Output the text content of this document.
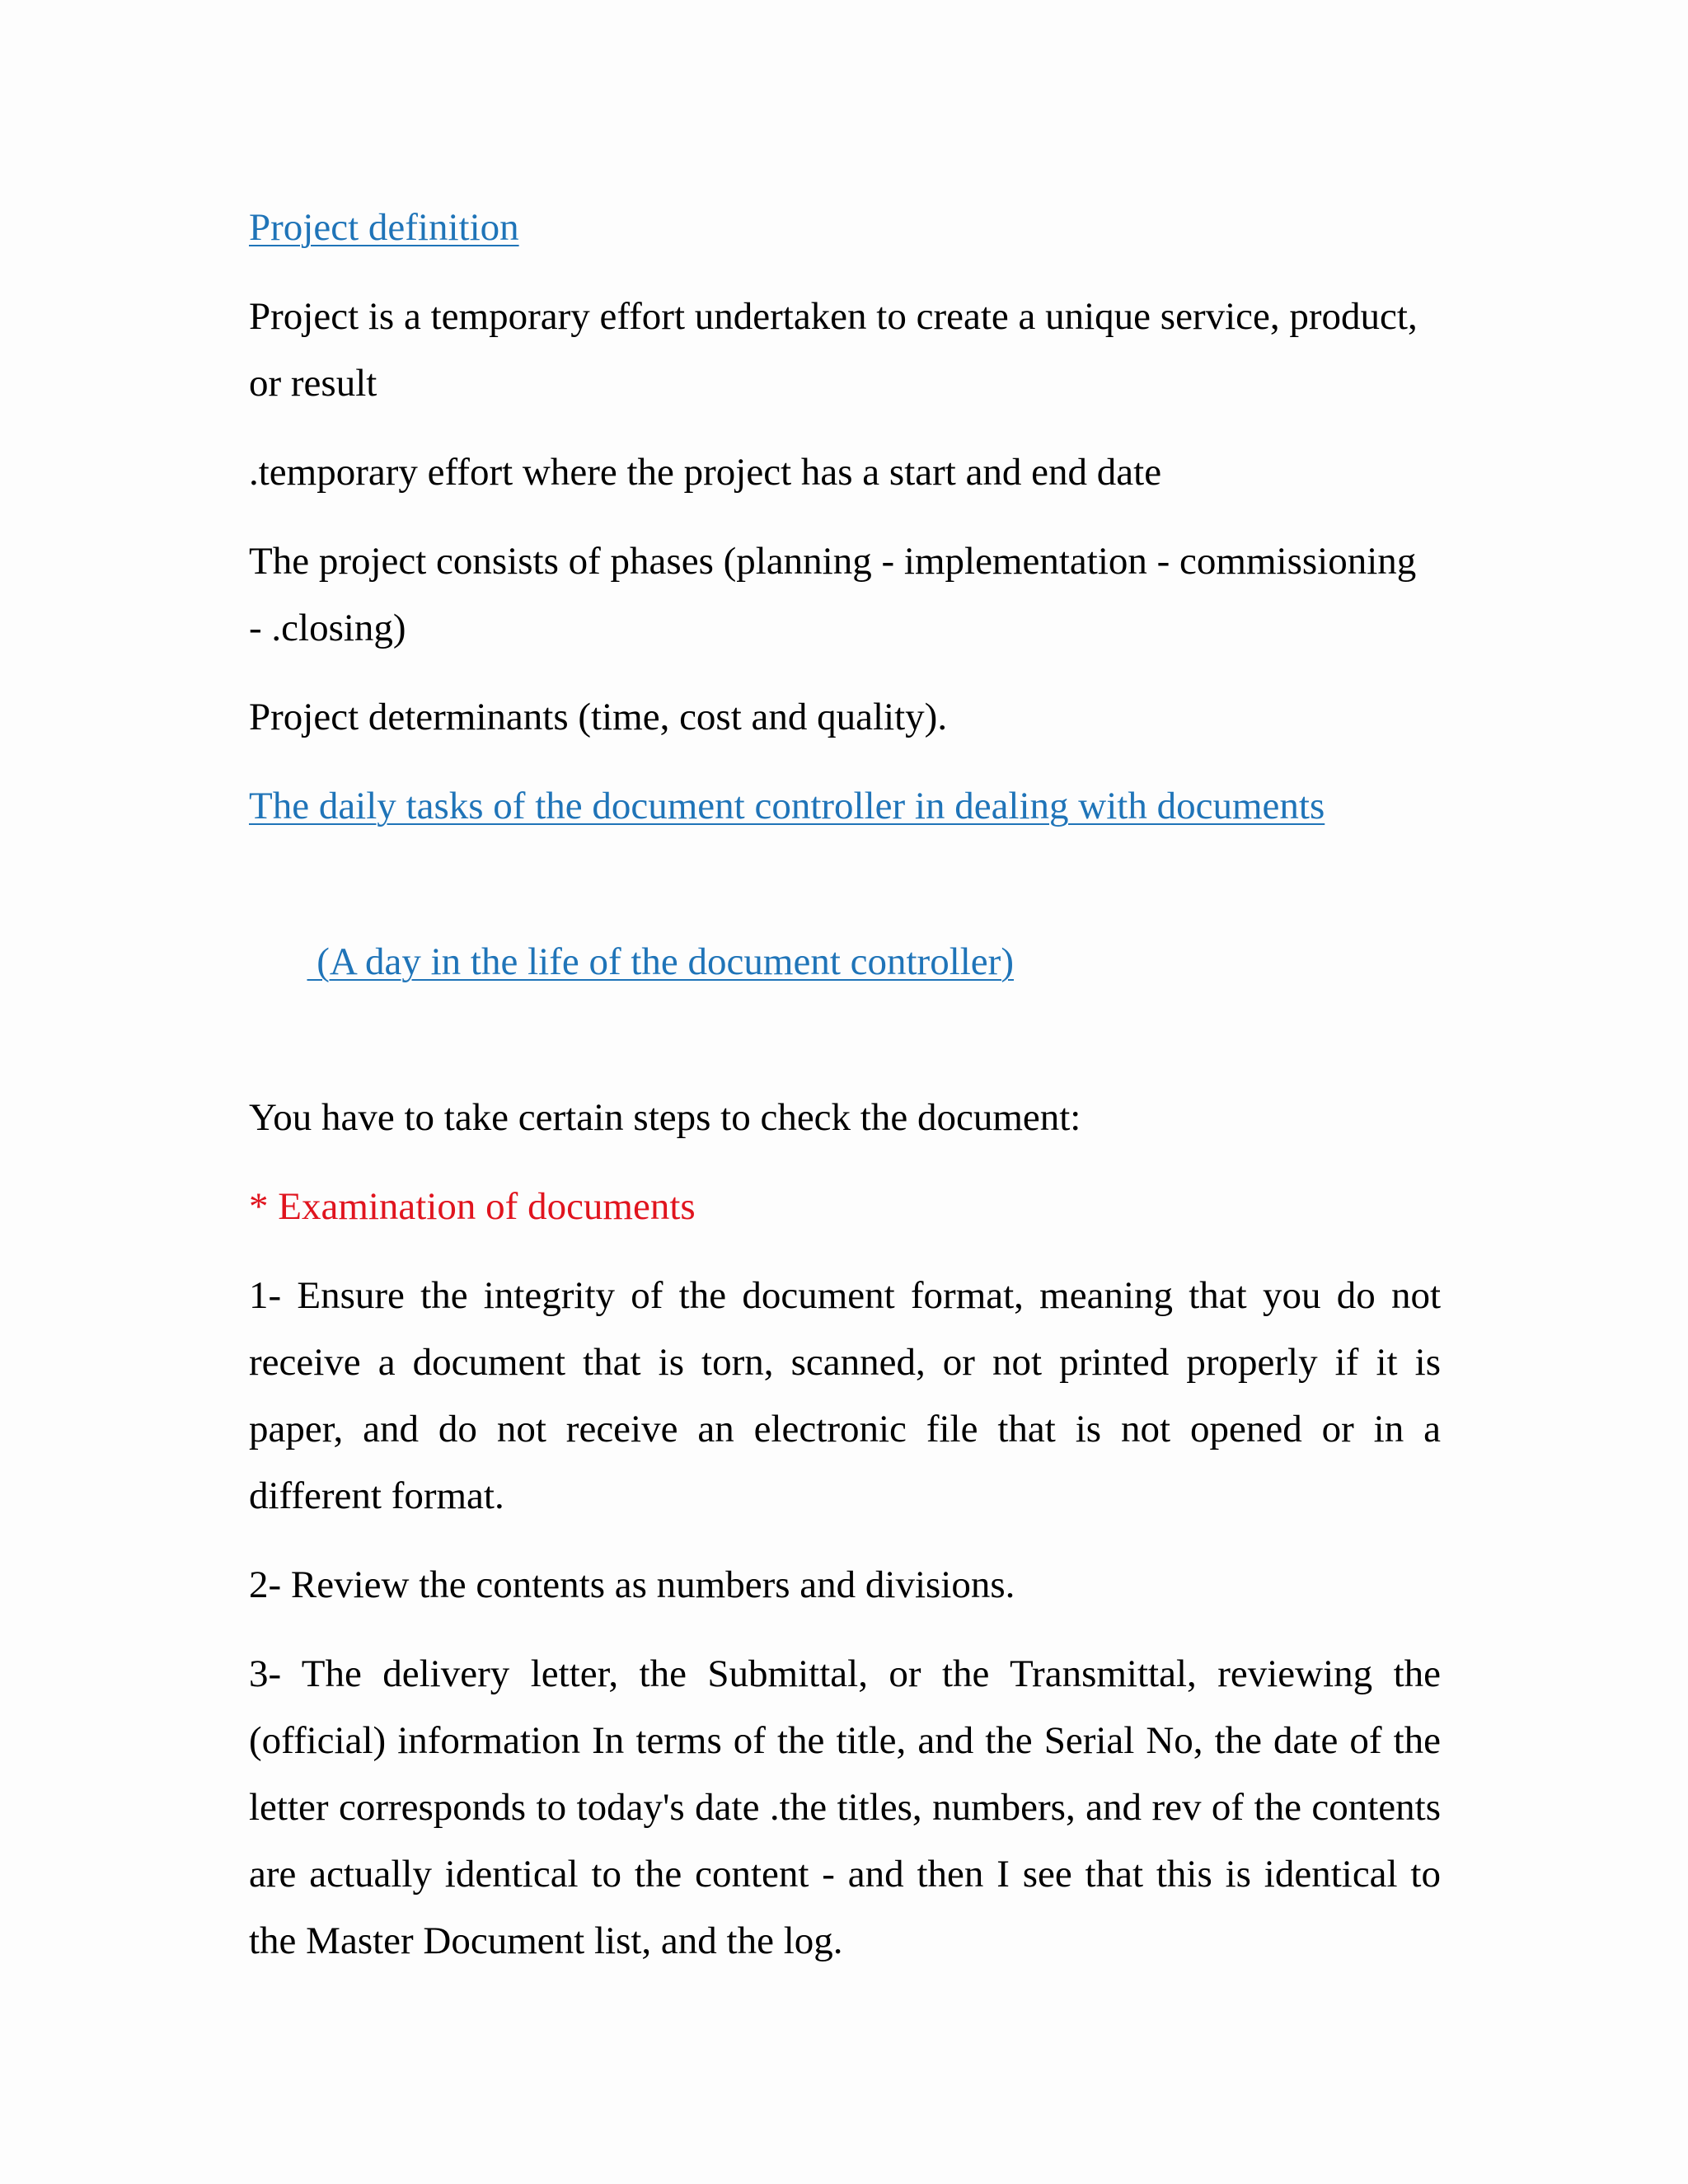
Project definition

Project is a temporary effort undertaken to create a unique service, product, or result

.temporary effort where the project has a start and end date

The project consists of phases (planning - implementation - commissioning - .closing)

Project determinants (time, cost and quality).

The daily tasks of the document controller in dealing with documents

(A day in the life of the document controller)

You have to take certain steps to check the document:

* Examination of documents

1- Ensure the integrity of the document format, meaning that you do not receive a document that is torn, scanned, or not printed properly if it is paper, and do not receive an electronic file that is not opened or in a different format.

2- Review the contents as numbers and divisions.

3- The delivery letter, the Submittal, or the Transmittal, reviewing the (official) information In terms of the title, and the Serial No, the date of the letter corresponds to today's date .the titles, numbers, and rev of the contents are actually identical to the content - and then I see that this is identical to the Master Document list, and the log.
